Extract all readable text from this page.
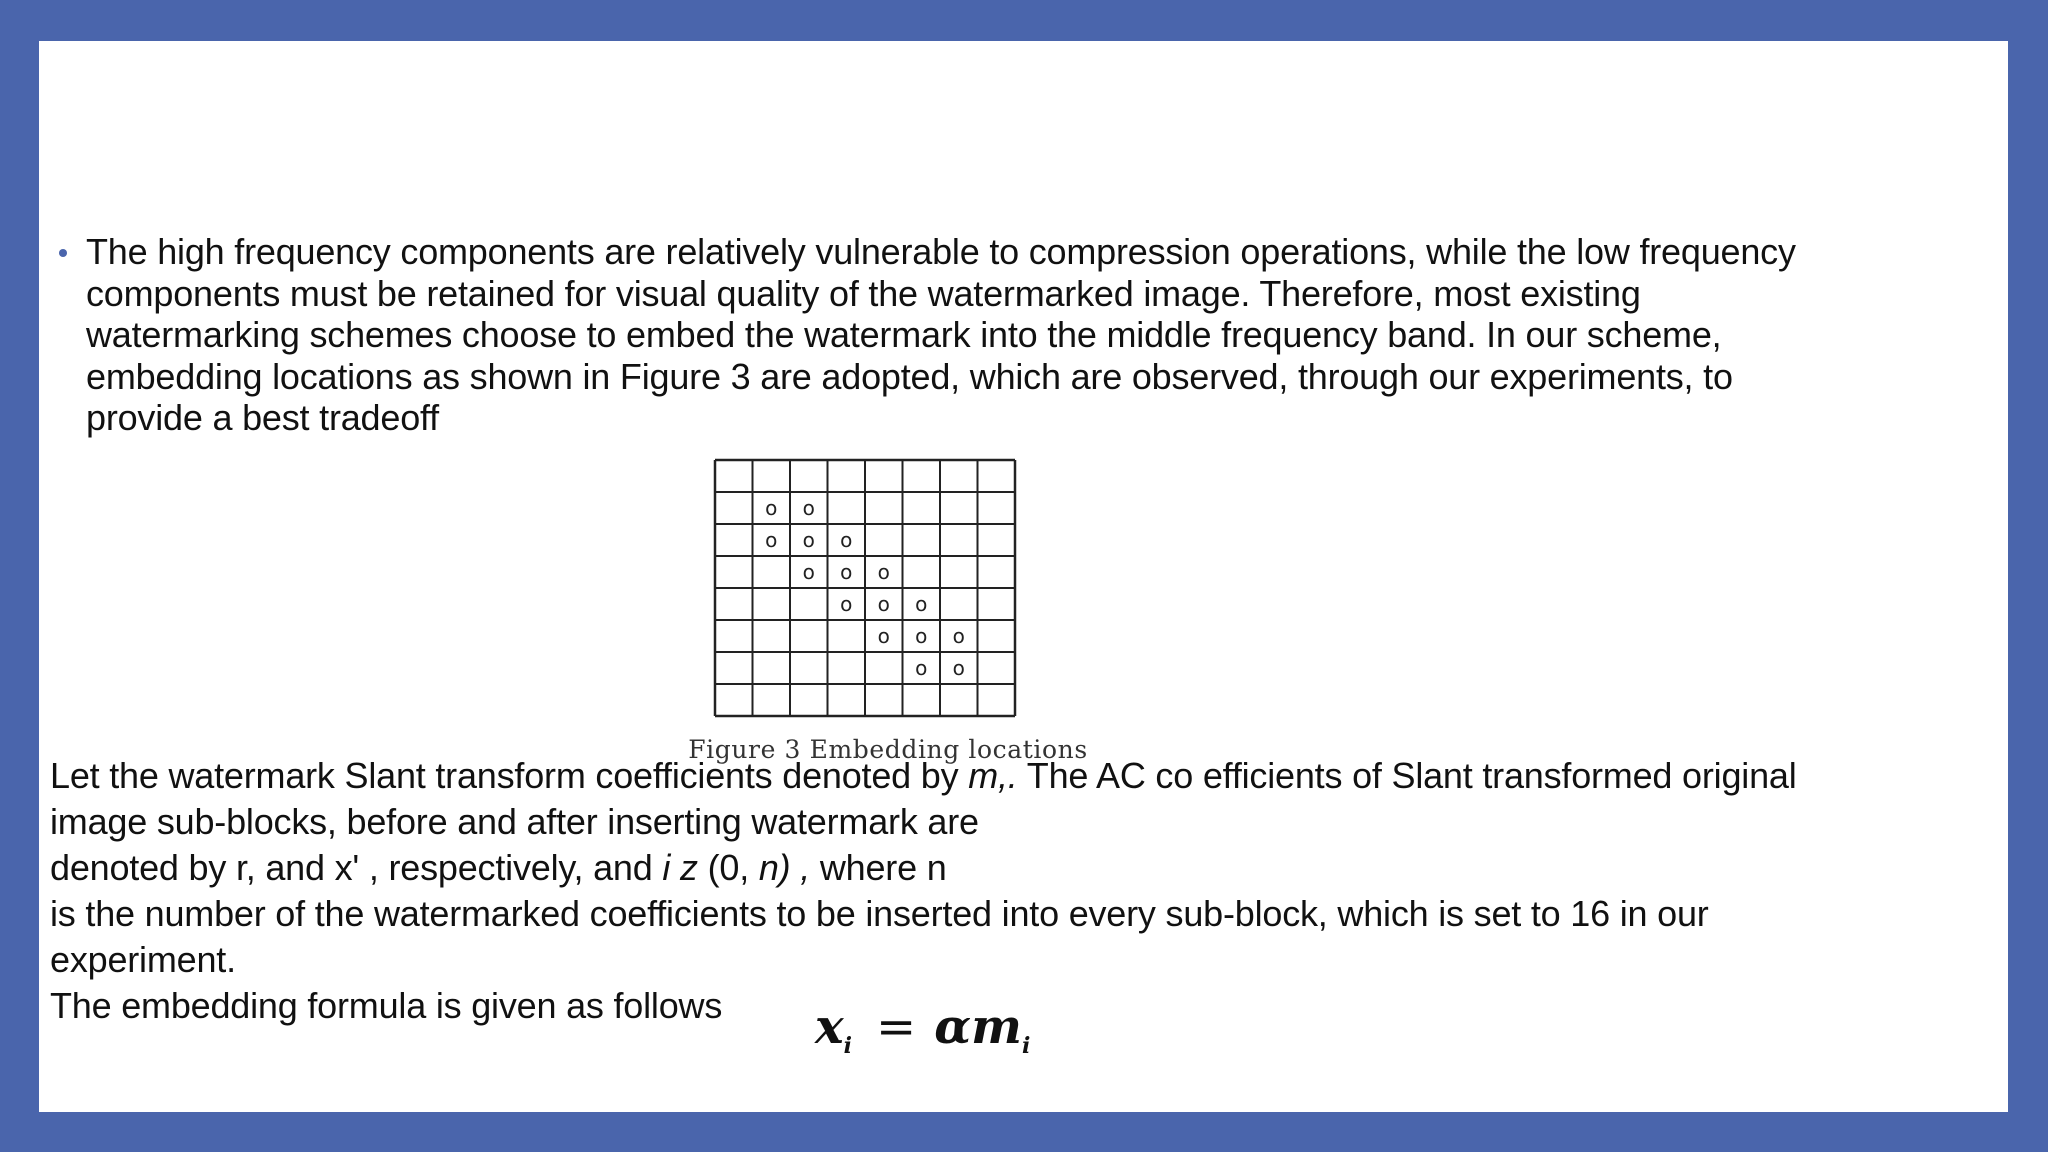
The high frequency components are relatively vulnerable to compression operations, while the low frequency
components must be retained for visual quality of the watermarked image. Therefore, most existing
watermarking schemes choose to embed the watermark into the middle frequency band. In our scheme,
embedding locations as shown in Figure 3 are adopted, which are observed, through our experiments, to
provide a best tradeoff

o o
o o o
o o o
o o o
o o o
o o
Figure 3 Embedding locations

Let the watermark Slant transform coefficients denoted by m,. The AC co efficients of Slant transformed original
image sub-blocks, before and after inserting watermark are
denoted by r, and x' , respectively, and i z (0, n) , where n
is the number of the watermarked coefficients to be inserted into every sub-block, which is set to 16 in our
experiment.
The embedding formula is given as follows	$x_i = \alpha m_i$
